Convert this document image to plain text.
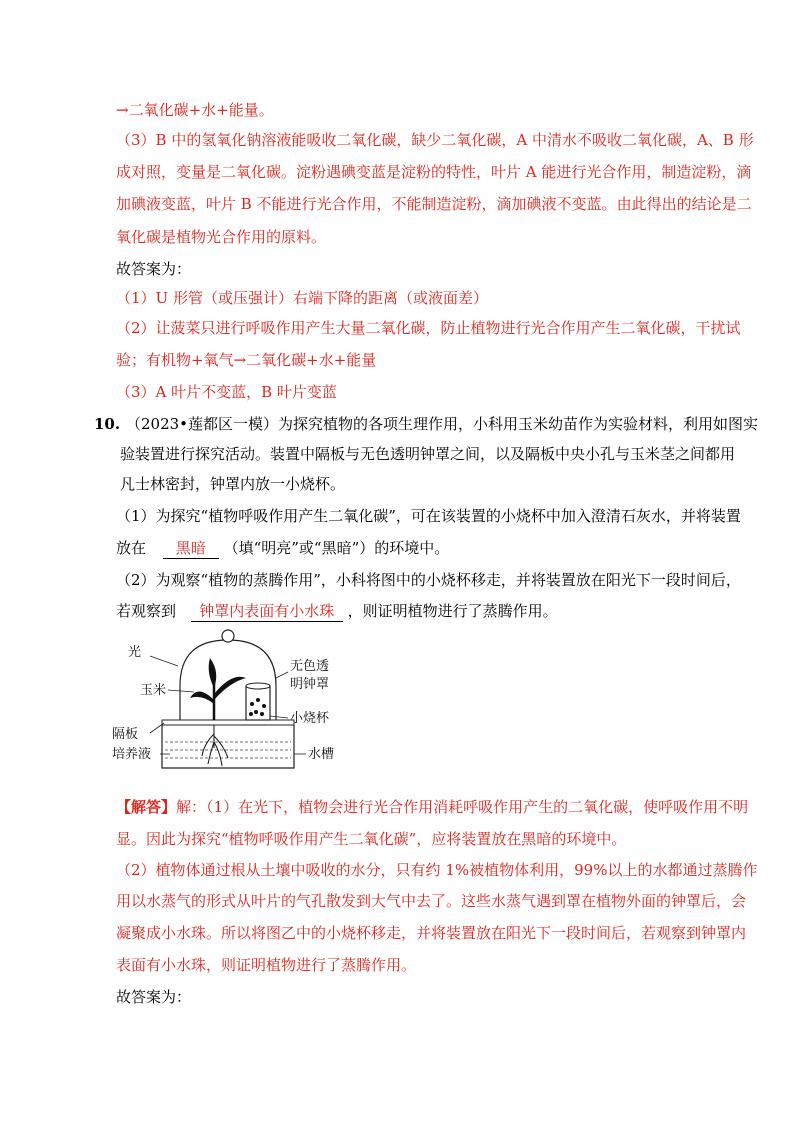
→二氧化碳+水+能量。
（3）B 中的氢氧化钠溶液能吸收二氧化碳，缺少二氧化碳，A 中清水不吸收二氧化碳，A、B 形
成对照，变量是二氧化碳。淀粉遇碘变蓝是淀粉的特性，叶片 A 能进行光合作用，制造淀粉，滴
加碘液变蓝，叶片 B 不能进行光合作用，不能制造淀粉，滴加碘液不变蓝。由此得出的结论是二
氧化碳是植物光合作用的原料。
故答案为：
（1）U 形管（或压强计）右端下降的距离（或液面差）
（2）让菠菜只进行呼吸作用产生大量二氧化碳，防止植物进行光合作用产生二氧化碳，干扰试
验；有机物+氧气→二氧化碳+水+能量
（3）A 叶片不变蓝，B 叶片变蓝
10. （2023•莲都区一模）为探究植物的各项生理作用，小科用玉米幼苗作为实验材料，利用如图实
验装置进行探究活动。装置中隔板与无色透明钟罩之间，以及隔板中央小孔与玉米茎之间都用
凡士林密封，钟罩内放一小烧杯。
（1）为探究“植物呼吸作用产生二氧化碳”，可在该装置的小烧杯中加入澄清石灰水，并将装置
放在 黑暗 （填“明亮”或“黑暗”）的环境中。
（2）为观察“植物的蒸腾作用”，小科将图中的小烧杯移走，并将装置放在阳光下一段时间后，
若观察到 钟罩内表面有小水珠 ，则证明植物进行了蒸腾作用。
光
玉米
隔板
培养液
无色透
明钟罩
小烧杯
水槽
【解答】解：（1）在光下，植物会进行光合作用消耗呼吸作用产生的二氧化碳，使呼吸作用不明
显。因此为探究“植物呼吸作用产生二氧化碳”，应将装置放在黑暗的环境中。
（2）植物体通过根从土壤中吸收的水分，只有约 1%被植物体利用，99%以上的水都通过蒸腾作
用以水蒸气的形式从叶片的气孔散发到大气中去了。这些水蒸气遇到罩在植物外面的钟罩后，会
凝聚成小水珠。所以将图乙中的小烧杯移走，并将装置放在阳光下一段时间后，若观察到钟罩内
表面有小水珠，则证明植物进行了蒸腾作用。
故答案为：
